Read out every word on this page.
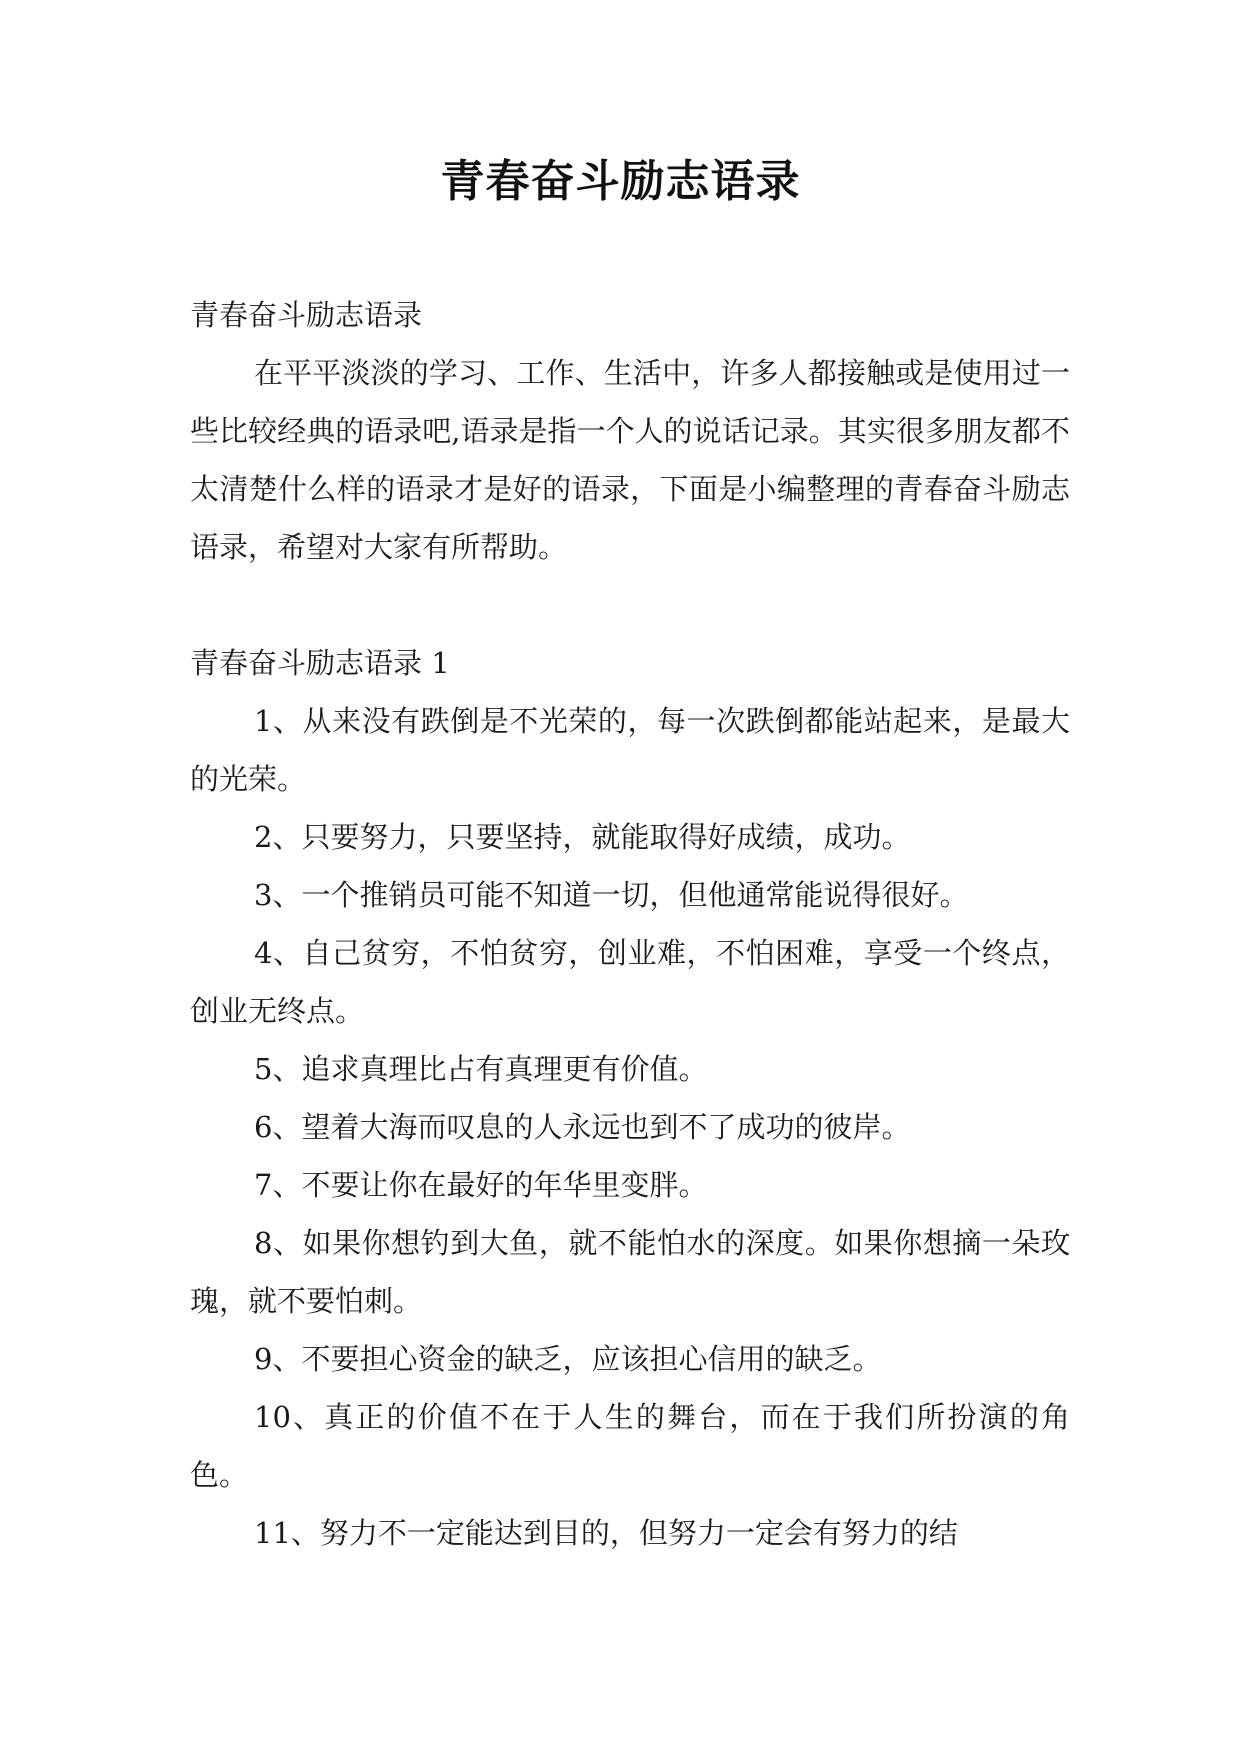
青春奋斗励志语录

青春奋斗励志语录

在平平淡淡的学习、工作、生活中，许多人都接触或是使用过一些比较经典的语录吧,语录是指一个人的说话记录。其实很多朋友都不太清楚什么样的语录才是好的语录，下面是小编整理的青春奋斗励志语录，希望对大家有所帮助。

青春奋斗励志语录 1

1、从来没有跌倒是不光荣的，每一次跌倒都能站起来，是最大的光荣。

2、只要努力，只要坚持，就能取得好成绩，成功。

3、一个推销员可能不知道一切，但他通常能说得很好。

4、自己贫穷，不怕贫穷，创业难，不怕困难，享受一个终点，创业无终点。

5、追求真理比占有真理更有价值。

6、望着大海而叹息的人永远也到不了成功的彼岸。

7、不要让你在最好的年华里变胖。

8、如果你想钓到大鱼，就不能怕水的深度。如果你想摘一朵玫瑰，就不要怕刺。

9、不要担心资金的缺乏，应该担心信用的缺乏。

10、真正的价值不在于人生的舞台，而在于我们所扮演的角色。

11、努力不一定能达到目的，但努力一定会有努力的结
